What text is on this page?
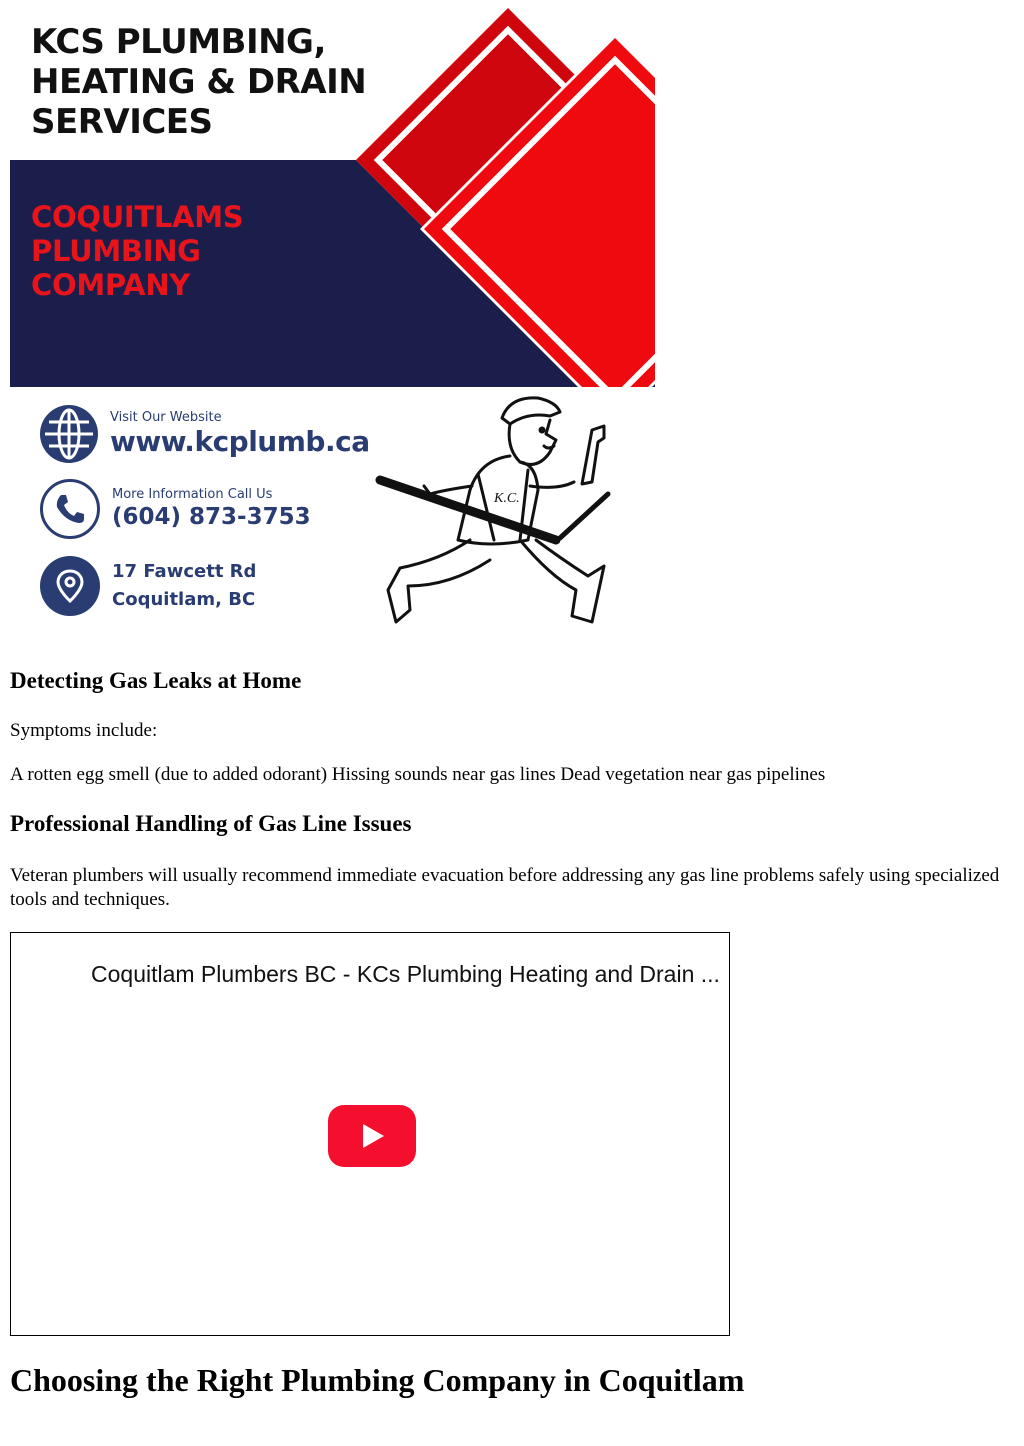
KCS PLUMBING,
HEATING & DRAIN
SERVICES
COQUITLAMS
PLUMBING
COMPANY
Visit Our Website
www.kcplumb.ca
More Information Call Us
(604) 873-3753
17 Fawcett Rd
Coquitlam, BC
K.C.
Detecting Gas Leaks at Home

Symptoms include:

A rotten egg smell (due to added odorant) Hissing sounds near gas lines Dead vegetation near gas pipelines

Professional Handling of Gas Line Issues

Veteran plumbers will usually recommend immediate evacuation before addressing any gas line problems safely using specialized tools and techniques.

Coquitlam Plumbers BC - KCs Plumbing Heating and Drain ...

Choosing the Right Plumbing Company in Coquitlam
